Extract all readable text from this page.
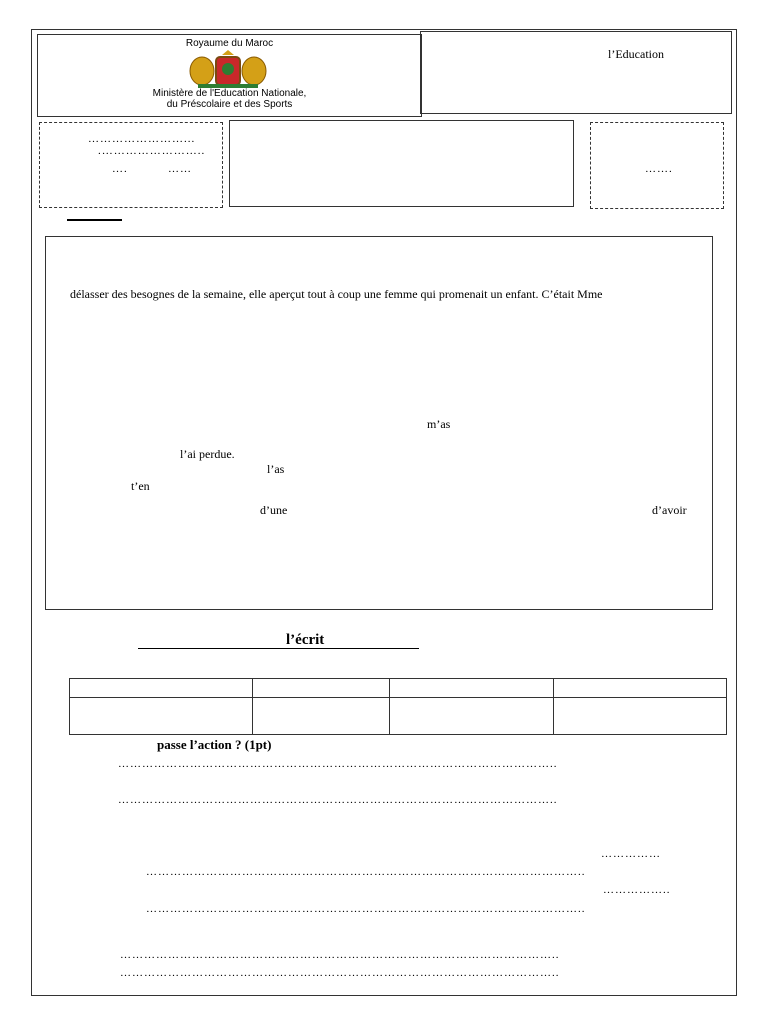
Royaume du Maroc
Ministère de l'Education Nationale,
du Préscolaire et des Sports
l’Education
……………………...
.……………………..
….	……	…….
délasser des besognes de la semaine, elle aperçut tout à coup une femme qui promenait un enfant. C’était Mme
m’as
l’ai perdue.
l’as
t’en
d’une	d’avoir
l’écrit

passe l’action ? (1pt)
………………………………………………………………………………………………..
………………………………………………………………………………………………..
……………
………………………………………………………………………………………………..
……………..
………………………………………………………………………………………………..
………………………………………………………………………………………………..
………………………………………………………………………………………………..
